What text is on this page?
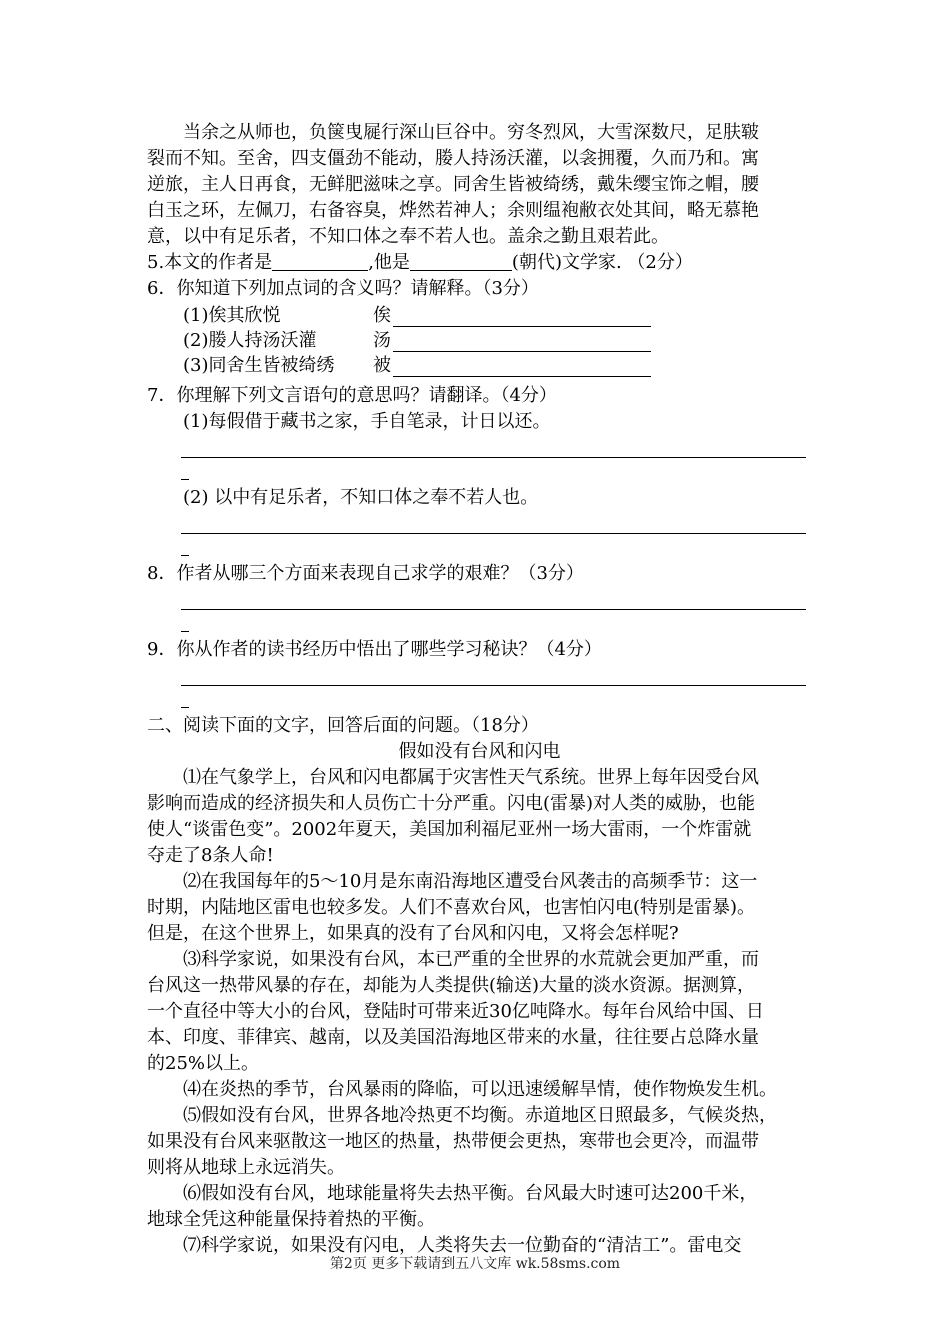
当余之从师也，负箧曳屣行深山巨谷中。穷冬烈风，大雪深数尺，足肤皲
裂而不知。至舍，四支僵劲不能动，媵人持汤沃灌，以衾拥覆，久而乃和。寓
逆旅，主人日再食，无鲜肥滋味之享。同舍生皆被绮绣，戴朱缨宝饰之帽，腰
白玉之环，左佩刀，右备容臭，烨然若神人；余则缊袍敝衣处其间，略无慕艳
意，以中有足乐者，不知口体之奉不若人也。盖余之勤且艰若此。
5.本文的作者是	,他是	(朝代)文学家. （2分）
6．你知道下列加点词的含义吗？请解释。（3分）
(1)俟其欣悦	俟
(2)媵人持汤沃灌	汤
(3)同舍生皆被绮绣	被
7．你理解下列文言语句的意思吗？请翻译。（4分）
(1)每假借于藏书之家，手自笔录，计日以还。
(2) 以中有足乐者，不知口体之奉不若人也。
8．作者从哪三个方面来表现自己求学的艰难？（3分）
9．你从作者的读书经历中悟出了哪些学习秘诀？（4分）
二、阅读下面的文字，回答后面的问题。（18分）
假如没有台风和闪电
⑴在气象学上，台风和闪电都属于灾害性天气系统。世界上每年因受台风
影响而造成的经济损失和人员伤亡十分严重。闪电(雷暴)对人类的威胁，也能
使人“谈雷色变”。2002年夏天，美国加利福尼亚州一场大雷雨，一个炸雷就
夺走了8条人命!
⑵在我国每年的5～10月是东南沿海地区遭受台风袭击的高频季节：这一
时期，内陆地区雷电也较多发。人们不喜欢台风，也害怕闪电(特别是雷暴)。
但是，在这个世界上，如果真的没有了台风和闪电，又将会怎样呢?
⑶科学家说，如果没有台风，本已严重的全世界的水荒就会更加严重，而
台风这一热带风暴的存在，却能为人类提供(输送)大量的淡水资源。据测算，
一个直径中等大小的台风，登陆时可带来近30亿吨降水。每年台风给中国、日
本、印度、菲律宾、越南，以及美国沿海地区带来的水量，往往要占总降水量
的25%以上。
⑷在炎热的季节，台风暴雨的降临，可以迅速缓解旱情，使作物焕发生机。
⑸假如没有台风，世界各地冷热更不均衡。赤道地区日照最多，气候炎热，
如果没有台风来驱散这一地区的热量，热带便会更热，寒带也会更冷，而温带
则将从地球上永远消失。
⑹假如没有台风，地球能量将失去热平衡。台风最大时速可达200千米，
地球全凭这种能量保持着热的平衡。
⑺科学家说，如果没有闪电，人类将失去一位勤奋的“清洁工”。雷电交
第2页 更多下载请到五八文库 wk.58sms.com
